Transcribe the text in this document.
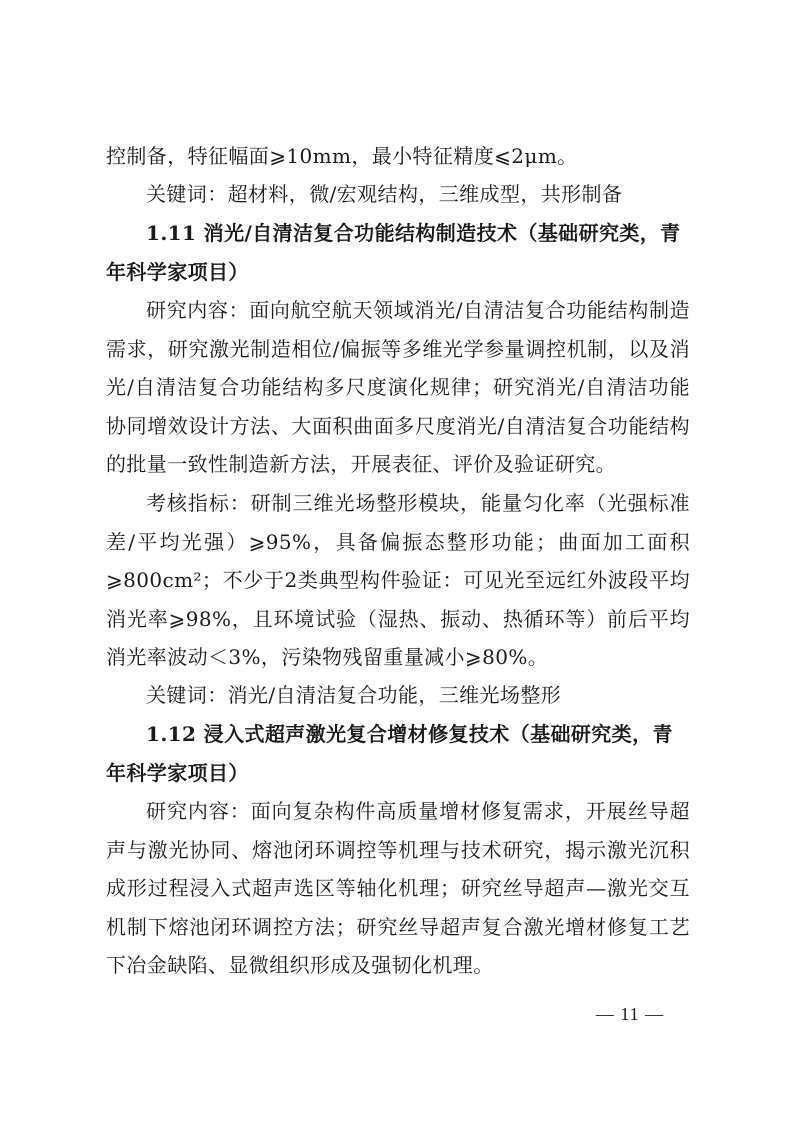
控制备，特征幅面⩾10mm，最小特征精度⩽2μm。

关键词：超材料，微/宏观结构，三维成型，共形制备

1.11 消光/自清洁复合功能结构制造技术（基础研究类，青年科学家项目）

研究内容：面向航空航天领域消光/自清洁复合功能结构制造需求，研究激光制造相位/偏振等多维光学参量调控机制，以及消光/自清洁复合功能结构多尺度演化规律；研究消光/自清洁功能协同增效设计方法、大面积曲面多尺度消光/自清洁复合功能结构的批量一致性制造新方法，开展表征、评价及验证研究。

考核指标：研制三维光场整形模块，能量匀化率（光强标准差/平均光强）⩾95%，具备偏振态整形功能；曲面加工面积⩾800cm²；不少于2类典型构件验证：可见光至远红外波段平均消光率⩾98%，且环境试验（湿热、振动、热循环等）前后平均消光率波动＜3%，污染物残留重量减小⩾80%。

关键词：消光/自清洁复合功能，三维光场整形

1.12 浸入式超声激光复合增材修复技术（基础研究类，青年科学家项目）

研究内容：面向复杂构件高质量增材修复需求，开展丝导超声与激光协同、熔池闭环调控等机理与技术研究，揭示激光沉积成形过程浸入式超声选区等轴化机理；研究丝导超声—激光交互机制下熔池闭环调控方法；研究丝导超声复合激光增材修复工艺下冶金缺陷、显微组织形成及强韧化机理。

— 11 —
